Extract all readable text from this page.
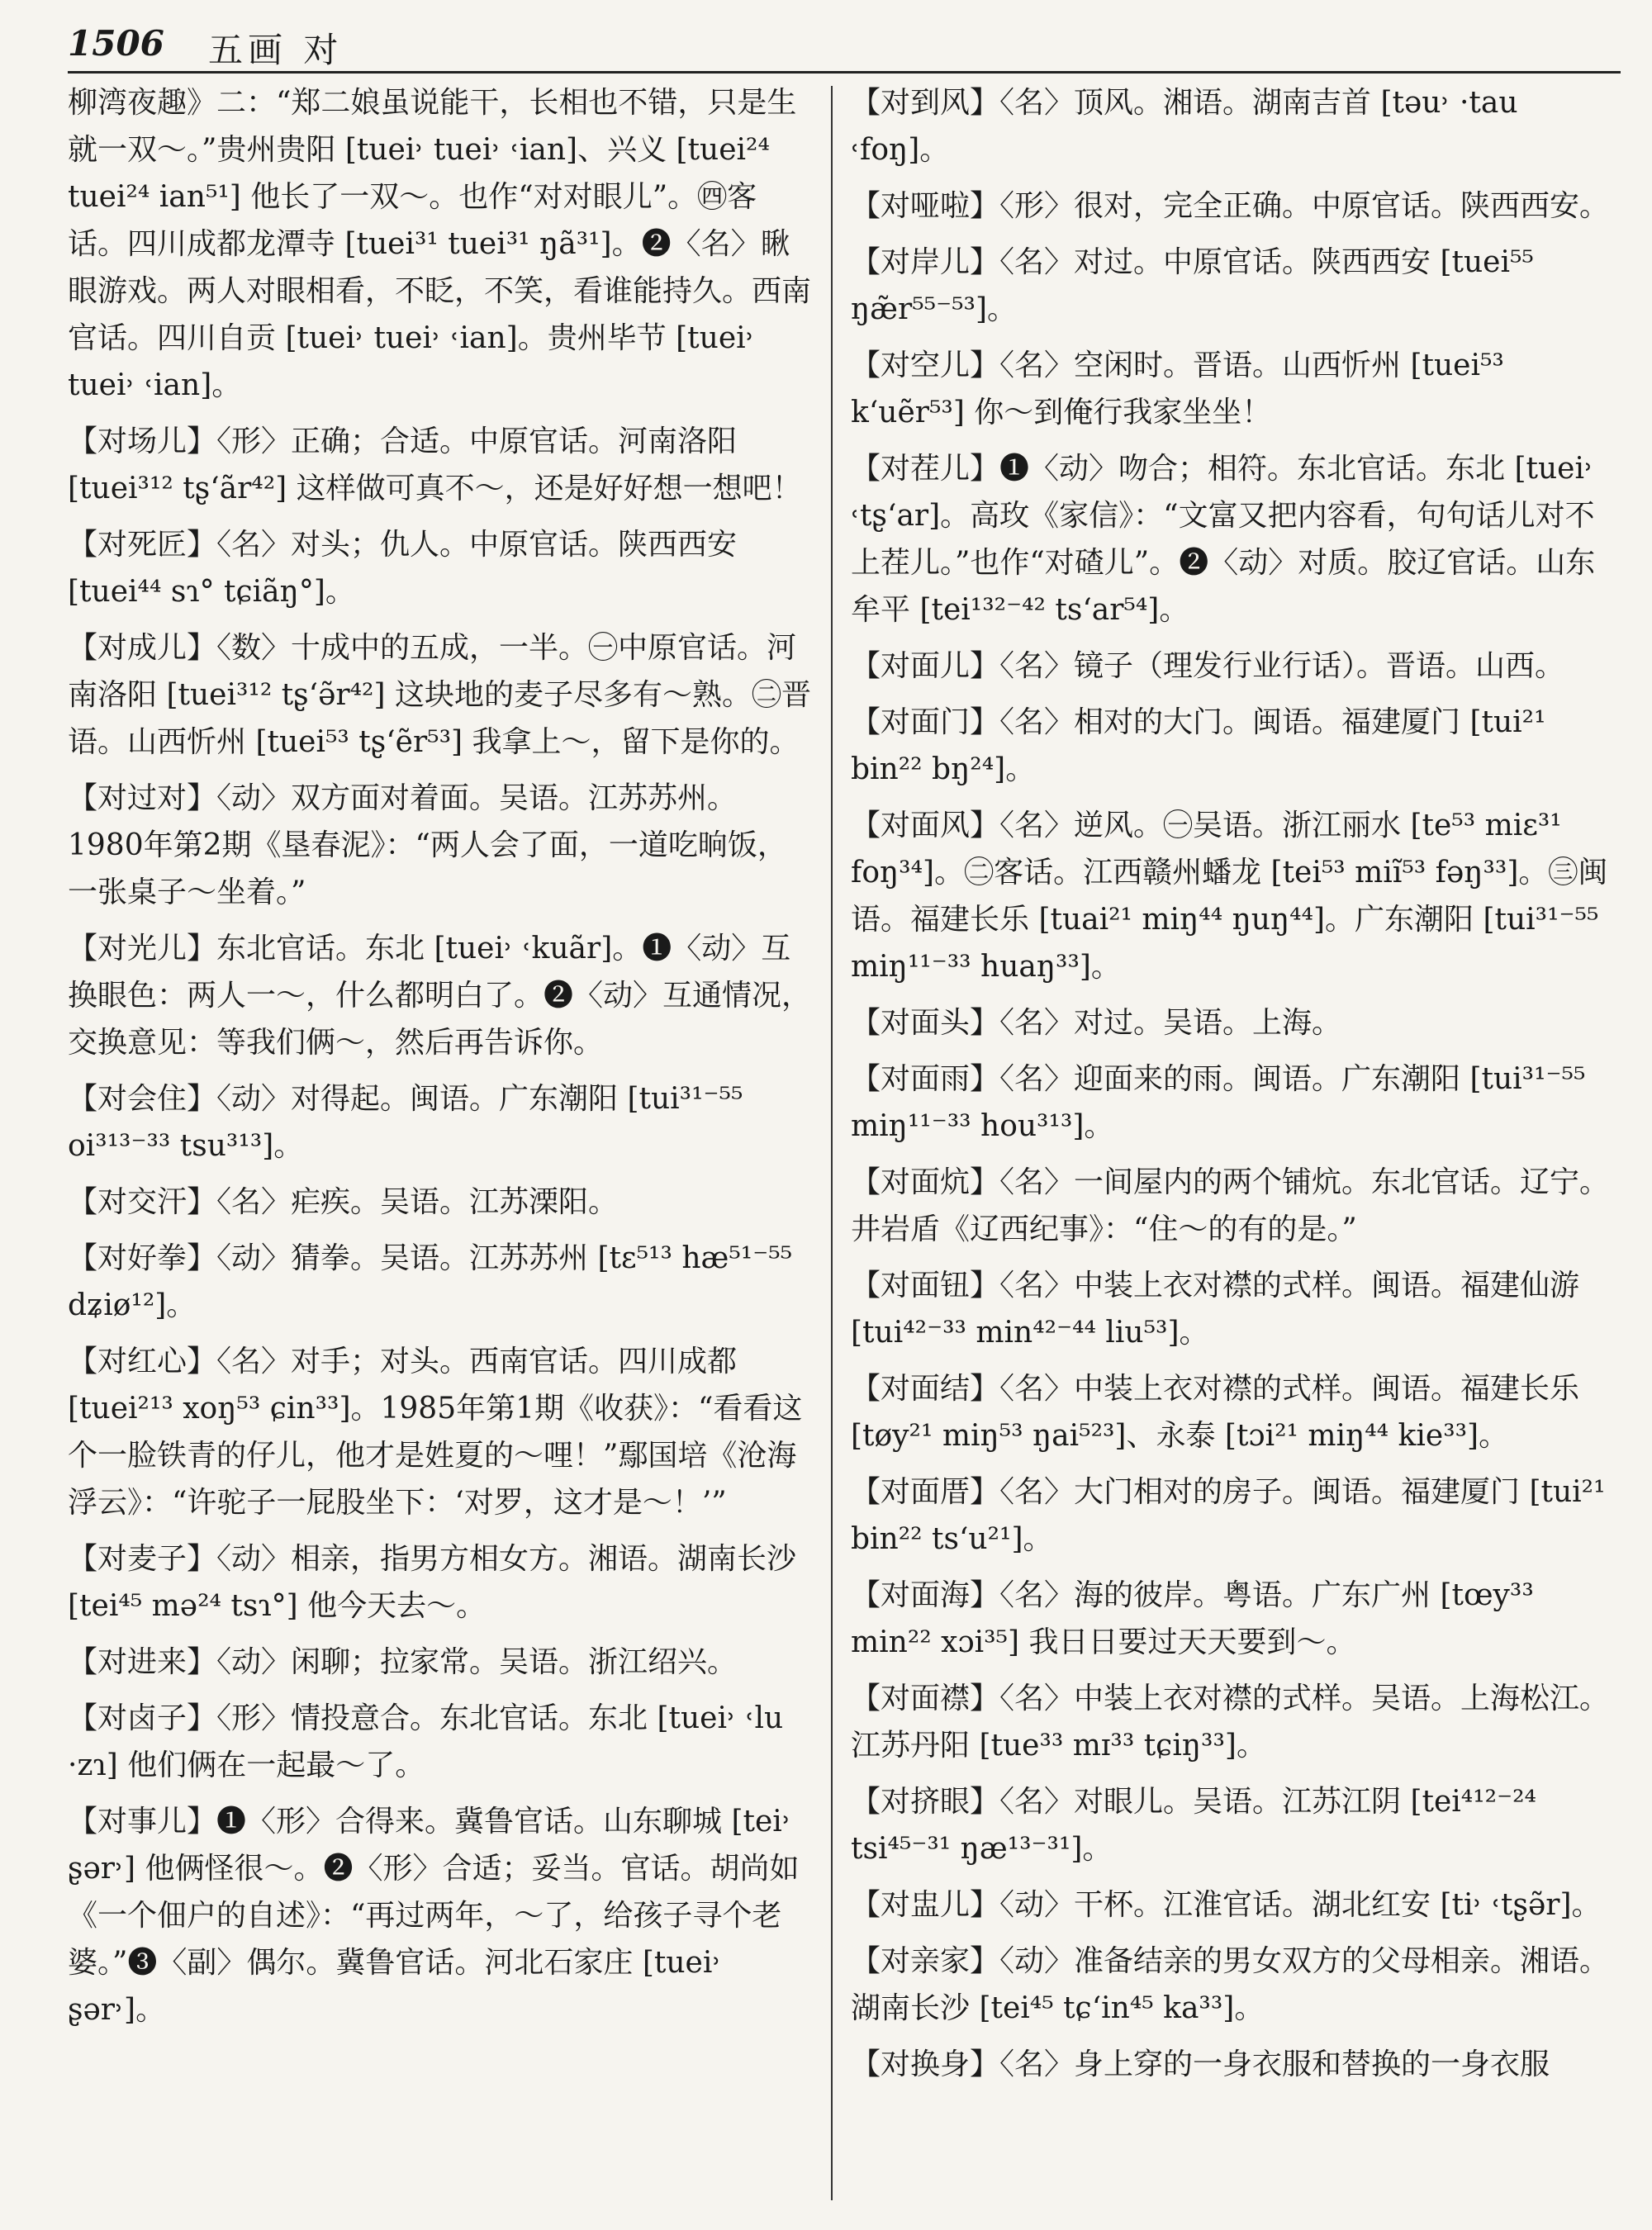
1506 五画 对

柳湾夜趣》二：“郑二娘虽说能干，长相也不错，只是生就一双～。”贵州贵阳 [tuei˒ tuei˒ ˓ian]、兴义 [tuei²⁴ tuei²⁴ ian⁵¹] 他长了一双～。也作“对对眼儿”。㊃客话。四川成都龙潭寺 [tuei³¹ tuei³¹ ŋã³¹]。❷〈名〉瞅眼游戏。两人对眼相看，不眨，不笑，看谁能持久。西南官话。四川自贡 [tuei˒ tuei˒ ˓ian]。贵州毕节 [tuei˒ tuei˒ ˓ian]。

【对场儿】〈形〉正确；合适。中原官话。河南洛阳 [tuei³¹² tʂʻãr⁴²] 这样做可真不～，还是好好想一想吧！

【对死匠】〈名〉对头；仇人。中原官话。陕西西安 [tuei⁴⁴ sɿ° tɕiãŋ°]。

【对成儿】〈数〉十成中的五成，一半。㊀中原官话。河南洛阳 [tuei³¹² tʂʻə̃r⁴²] 这块地的麦子尽多有～熟。㊁晋语。山西忻州 [tuei⁵³ tʂʻẽr⁵³] 我拿上～，留下是你的。

【对过对】〈动〉双方面对着面。吴语。江苏苏州。1980年第2期《垦春泥》：“两人会了面，一道吃晌饭，一张桌子～坐着。”

【对光儿】东北官话。东北 [tuei˒ ˓kuãr]。❶〈动〉互换眼色：两人一～，什么都明白了。❷〈动〉互通情况，交换意见：等我们俩～，然后再告诉你。

【对会住】〈动〉对得起。闽语。广东潮阳 [tui³¹⁻⁵⁵ oi³¹³⁻³³ tsu³¹³]。

【对交汗】〈名〉疟疾。吴语。江苏溧阳。

【对好拳】〈动〉猜拳。吴语。江苏苏州 [tɛ⁵¹³ hæ⁵¹⁻⁵⁵ dʑiø¹²]。

【对红心】〈名〉对手；对头。西南官话。四川成都 [tuei²¹³ xoŋ⁵³ ɕin³³]。1985年第1期《收获》：“看看这个一脸铁青的仔儿，他才是姓夏的～哩！”鄢国培《沧海浮云》：“许驼子一屁股坐下：‘对罗，这才是～！’”

【对麦子】〈动〉相亲，指男方相女方。湘语。湖南长沙 [tei⁴⁵ mə²⁴ tsɿ°] 他今天去～。

【对进来】〈动〉闲聊；拉家常。吴语。浙江绍兴。

【对卤子】〈形〉情投意合。东北官话。东北 [tuei˒ ˓lu ·zɿ] 他们俩在一起最～了。

【对事儿】❶〈形〉合得来。冀鲁官话。山东聊城 [tei˒ ʂər˒] 他俩怪很～。❷〈形〉合适；妥当。官话。胡尚如《一个佃户的自述》：“再过两年，～了，给孩子寻个老婆。”❸〈副〉偶尔。冀鲁官话。河北石家庄 [tuei˒ ʂər˒]。

【对到风】〈名〉顶风。湘语。湖南吉首 [təu˒ ·tau ˓foŋ]。

【对哑啦】〈形〉很对，完全正确。中原官话。陕西西安。

【对岸儿】〈名〉对过。中原官话。陕西西安 [tuei⁵⁵ ŋæ̃r⁵⁵⁻⁵³]。

【对空儿】〈名〉空闲时。晋语。山西忻州 [tuei⁵³ kʻuẽr⁵³] 你～到俺行我家坐坐！

【对茬儿】❶〈动〉吻合；相符。东北官话。东北 [tuei˒ ˓tʂʻar]。高玫《家信》：“文富又把内容看，句句话儿对不上茬儿。”也作“对碴儿”。❷〈动〉对质。胶辽官话。山东牟平 [tei¹³²⁻⁴² tsʻar⁵⁴]。

【对面儿】〈名〉镜子（理发行业行话）。晋语。山西。

【对面门】〈名〉相对的大门。闽语。福建厦门 [tui²¹ bin²² bŋ²⁴]。

【对面风】〈名〉逆风。㊀吴语。浙江丽水 [te⁵³ miɛ³¹ foŋ³⁴]。㊁客话。江西赣州蟠龙 [tei⁵³ miĩ⁵³ fəŋ³³]。㊂闽语。福建长乐 [tuai²¹ miŋ⁴⁴ ŋuŋ⁴⁴]。广东潮阳 [tui³¹⁻⁵⁵ miŋ¹¹⁻³³ huaŋ³³]。

【对面头】〈名〉对过。吴语。上海。

【对面雨】〈名〉迎面来的雨。闽语。广东潮阳 [tui³¹⁻⁵⁵ miŋ¹¹⁻³³ hou³¹³]。

【对面炕】〈名〉一间屋内的两个铺炕。东北官话。辽宁。井岩盾《辽西纪事》：“住～的有的是。”

【对面钮】〈名〉中装上衣对襟的式样。闽语。福建仙游 [tui⁴²⁻³³ min⁴²⁻⁴⁴ liu⁵³]。

【对面结】〈名〉中装上衣对襟的式样。闽语。福建长乐 [tøy²¹ miŋ⁵³ ŋai⁵²³]、永泰 [tɔi²¹ miŋ⁴⁴ kie³³]。

【对面厝】〈名〉大门相对的房子。闽语。福建厦门 [tui²¹ bin²² tsʻu²¹]。

【对面海】〈名〉海的彼岸。粤语。广东广州 [tœy³³ min²² xɔi³⁵] 我日日要过天天要到～。

【对面襟】〈名〉中装上衣对襟的式样。吴语。上海松江。江苏丹阳 [tue³³ mɪ³³ tɕiŋ³³]。

【对挤眼】〈名〉对眼儿。吴语。江苏江阴 [tei⁴¹²⁻²⁴ tsi⁴⁵⁻³¹ ŋæ¹³⁻³¹]。

【对盅儿】〈动〉干杯。江淮官话。湖北红安 [ti˒ ˓tʂə̃r]。

【对亲家】〈动〉准备结亲的男女双方的父母相亲。湘语。湖南长沙 [tei⁴⁵ tɕʻin⁴⁵ ka³³]。

【对换身】〈名〉身上穿的一身衣服和替换的一身衣服
